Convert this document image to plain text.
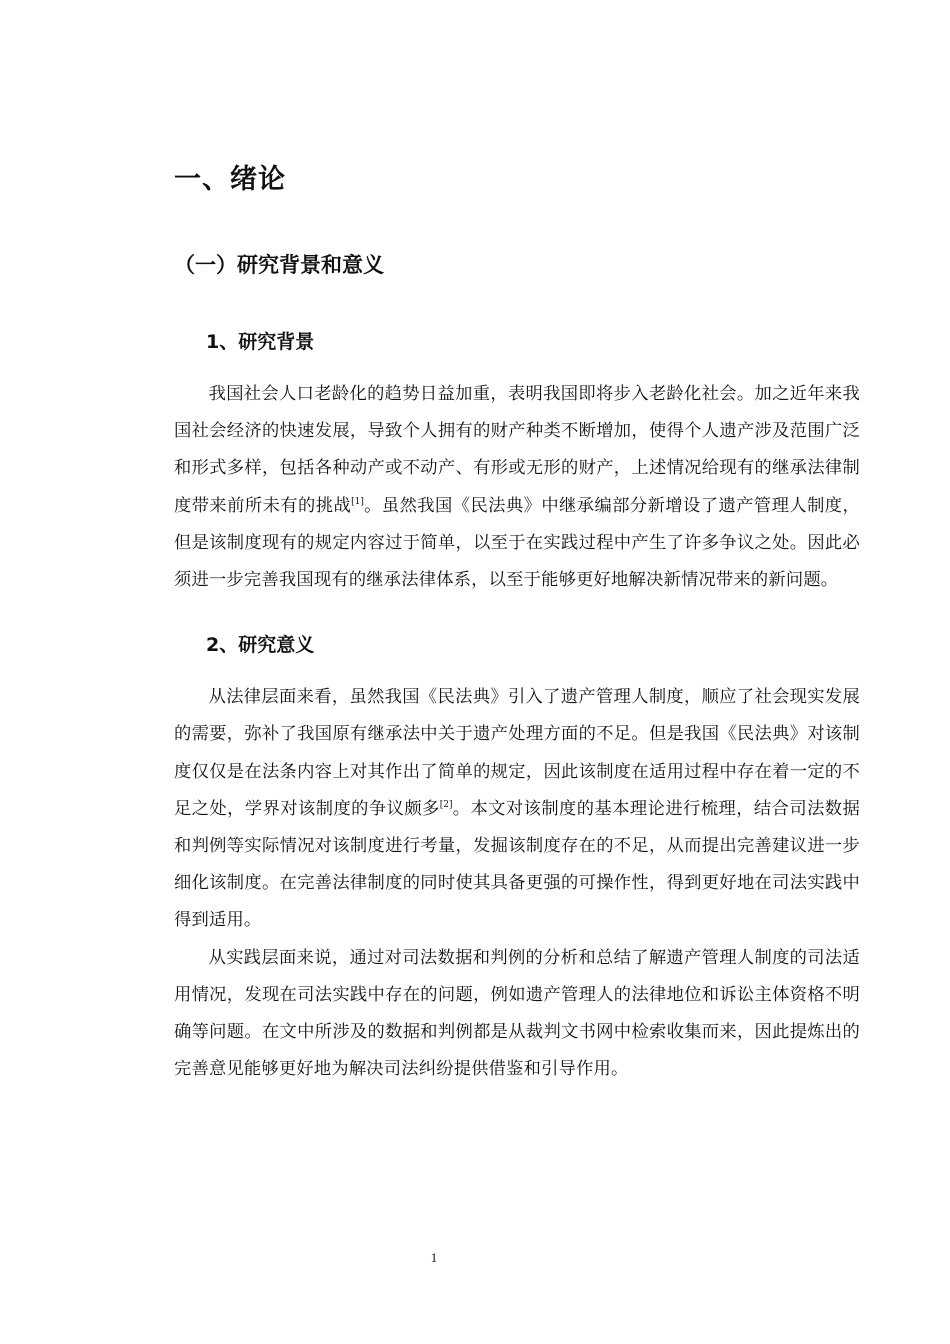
一、绪论
（一）研究背景和意义
1、研究背景

我国社会人口老龄化的趋势日益加重，表明我国即将步入老龄化社会。加之近年来我国社会经济的快速发展，导致个人拥有的财产种类不断增加，使得个人遗产涉及范围广泛和形式多样，包括各种动产或不动产、有形或无形的财产，上述情况给现有的继承法律制度带来前所未有的挑战[1]。虽然我国《民法典》中继承编部分新增设了遗产管理人制度，但是该制度现有的规定内容过于简单，以至于在实践过程中产生了许多争议之处。因此必须进一步完善我国现有的继承法律体系，以至于能够更好地解决新情况带来的新问题。

2、研究意义

从法律层面来看，虽然我国《民法典》引入了遗产管理人制度，顺应了社会现实发展的需要，弥补了我国原有继承法中关于遗产处理方面的不足。但是我国《民法典》对该制度仅仅是在法条内容上对其作出了简单的规定，因此该制度在适用过程中存在着一定的不足之处，学界对该制度的争议颇多[2]。本文对该制度的基本理论进行梳理，结合司法数据和判例等实际情况对该制度进行考量，发掘该制度存在的不足，从而提出完善建议进一步细化该制度。在完善法律制度的同时使其具备更强的可操作性，得到更好地在司法实践中得到适用。

从实践层面来说，通过对司法数据和判例的分析和总结了解遗产管理人制度的司法适用情况，发现在司法实践中存在的问题，例如遗产管理人的法律地位和诉讼主体资格不明确等问题。在文中所涉及的数据和判例都是从裁判文书网中检索收集而来，因此提炼出的完善意见能够更好地为解决司法纠纷提供借鉴和引导作用。

1
